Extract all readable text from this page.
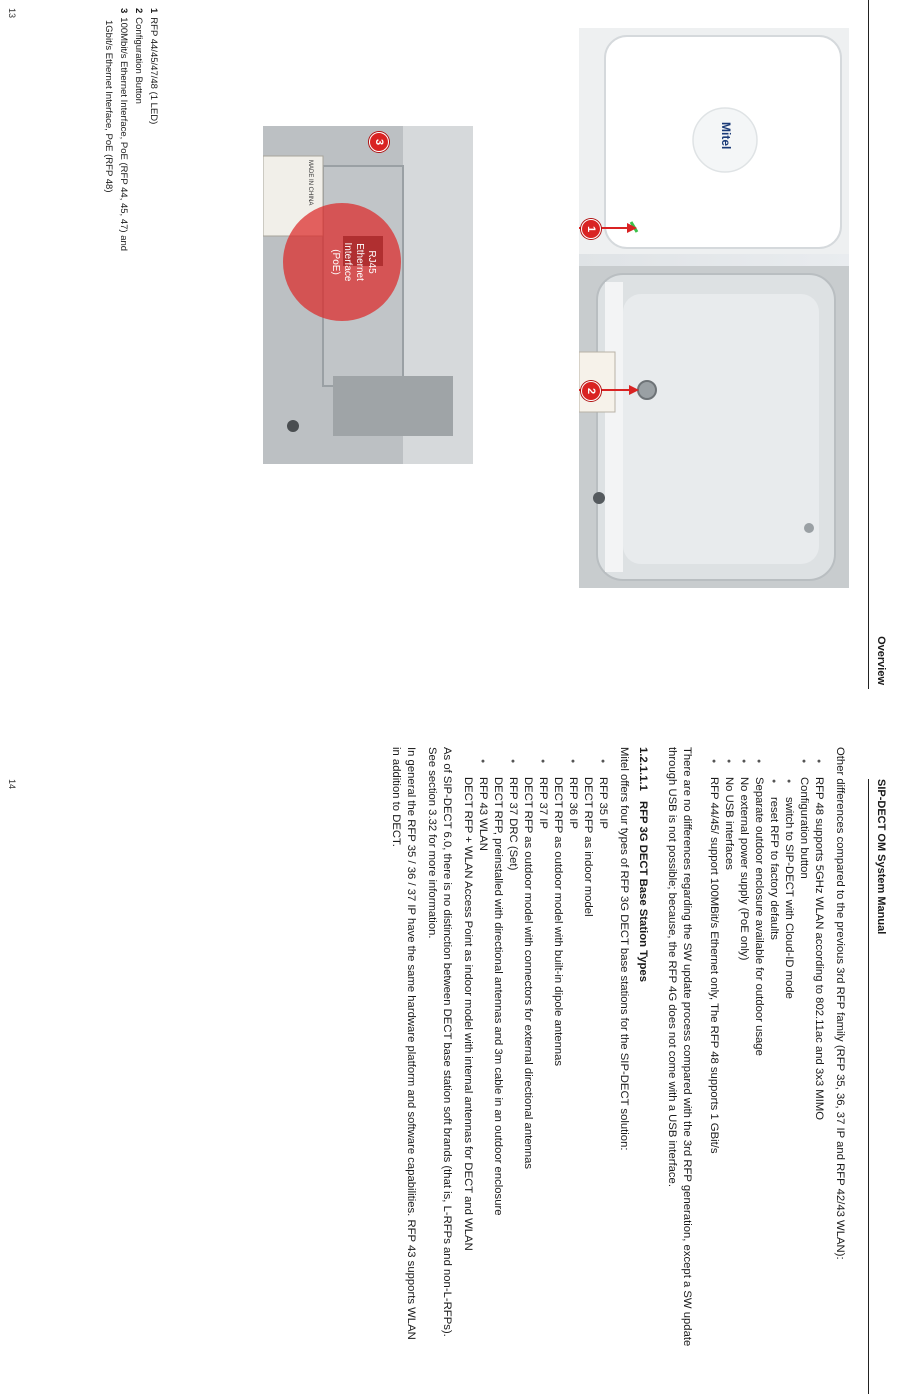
Overview
Mitel
1
2
RJ45
Ethernet
Interface
(PoE)
MADE IN CHINA
3
1RFP 44/45/47/48 (1 LED)
2Configuration Button
3100Mbit/s Ethernet Interface, PoE (RFP 44, 45, 47) and
1Gbit/s Ethernet Interface, PoE (RFP 48)
13
SIP-DECT OM System Manual

Other differences compared to the previous 3rd RFP family (RFP 35, 36, 37 IP and RFP 42/43 WLAN):

● RFP 48 supports 5GHz WLAN according to 802.11ac and 3x3 MIMO
● Configuration button
● switch to SIP-DECT with Cloud-ID mode
● reset RFP to factory defaults
● Separate outdoor enclosure available for outdoor usage
● No external power supply (PoE only)
● No USB interfaces
● RFP 44/45/ support 100MBit/s Ethernet only, The RFP 48 supports 1 GBit/s

There are no differences regarding the SW update process compared with the 3rd RFP generation, except a SW update through USB is not possible; because, the RFP 4G does not come with a USB interface.

1.2.1.1.1RFP 3G DECT Base Station Types

Mitel offers four types of RFP 3G DECT base stations for the SIP-DECT solution:

● RFP 35 IP
DECT RFP as indoor model
● RFP 36 IP
DECT RFP as outdoor model with built-in dipole antennas
● RFP 37 IP
DECT RFP as outdoor model with connectors for external directional antennas
● RFP 37 DRC (Set)
DECT RFP, preinstalled with directional antennas and 3m cable in an outdoor enclosure
● RFP 43 WLAN
DECT RFP + WLAN Access Point as indoor model with internal antennas for DECT and WLAN

As of SIP-DECT 6.0, there is no distinction between DECT base station soft brands (that is, L-RFPs and non-L-RFPs). See section 3.32 for more information.

In general the RFP 35 / 36 / 37 IP have the same hardware platform and software capabilities. RFP 43 supports WLAN in addition to DECT.

14
